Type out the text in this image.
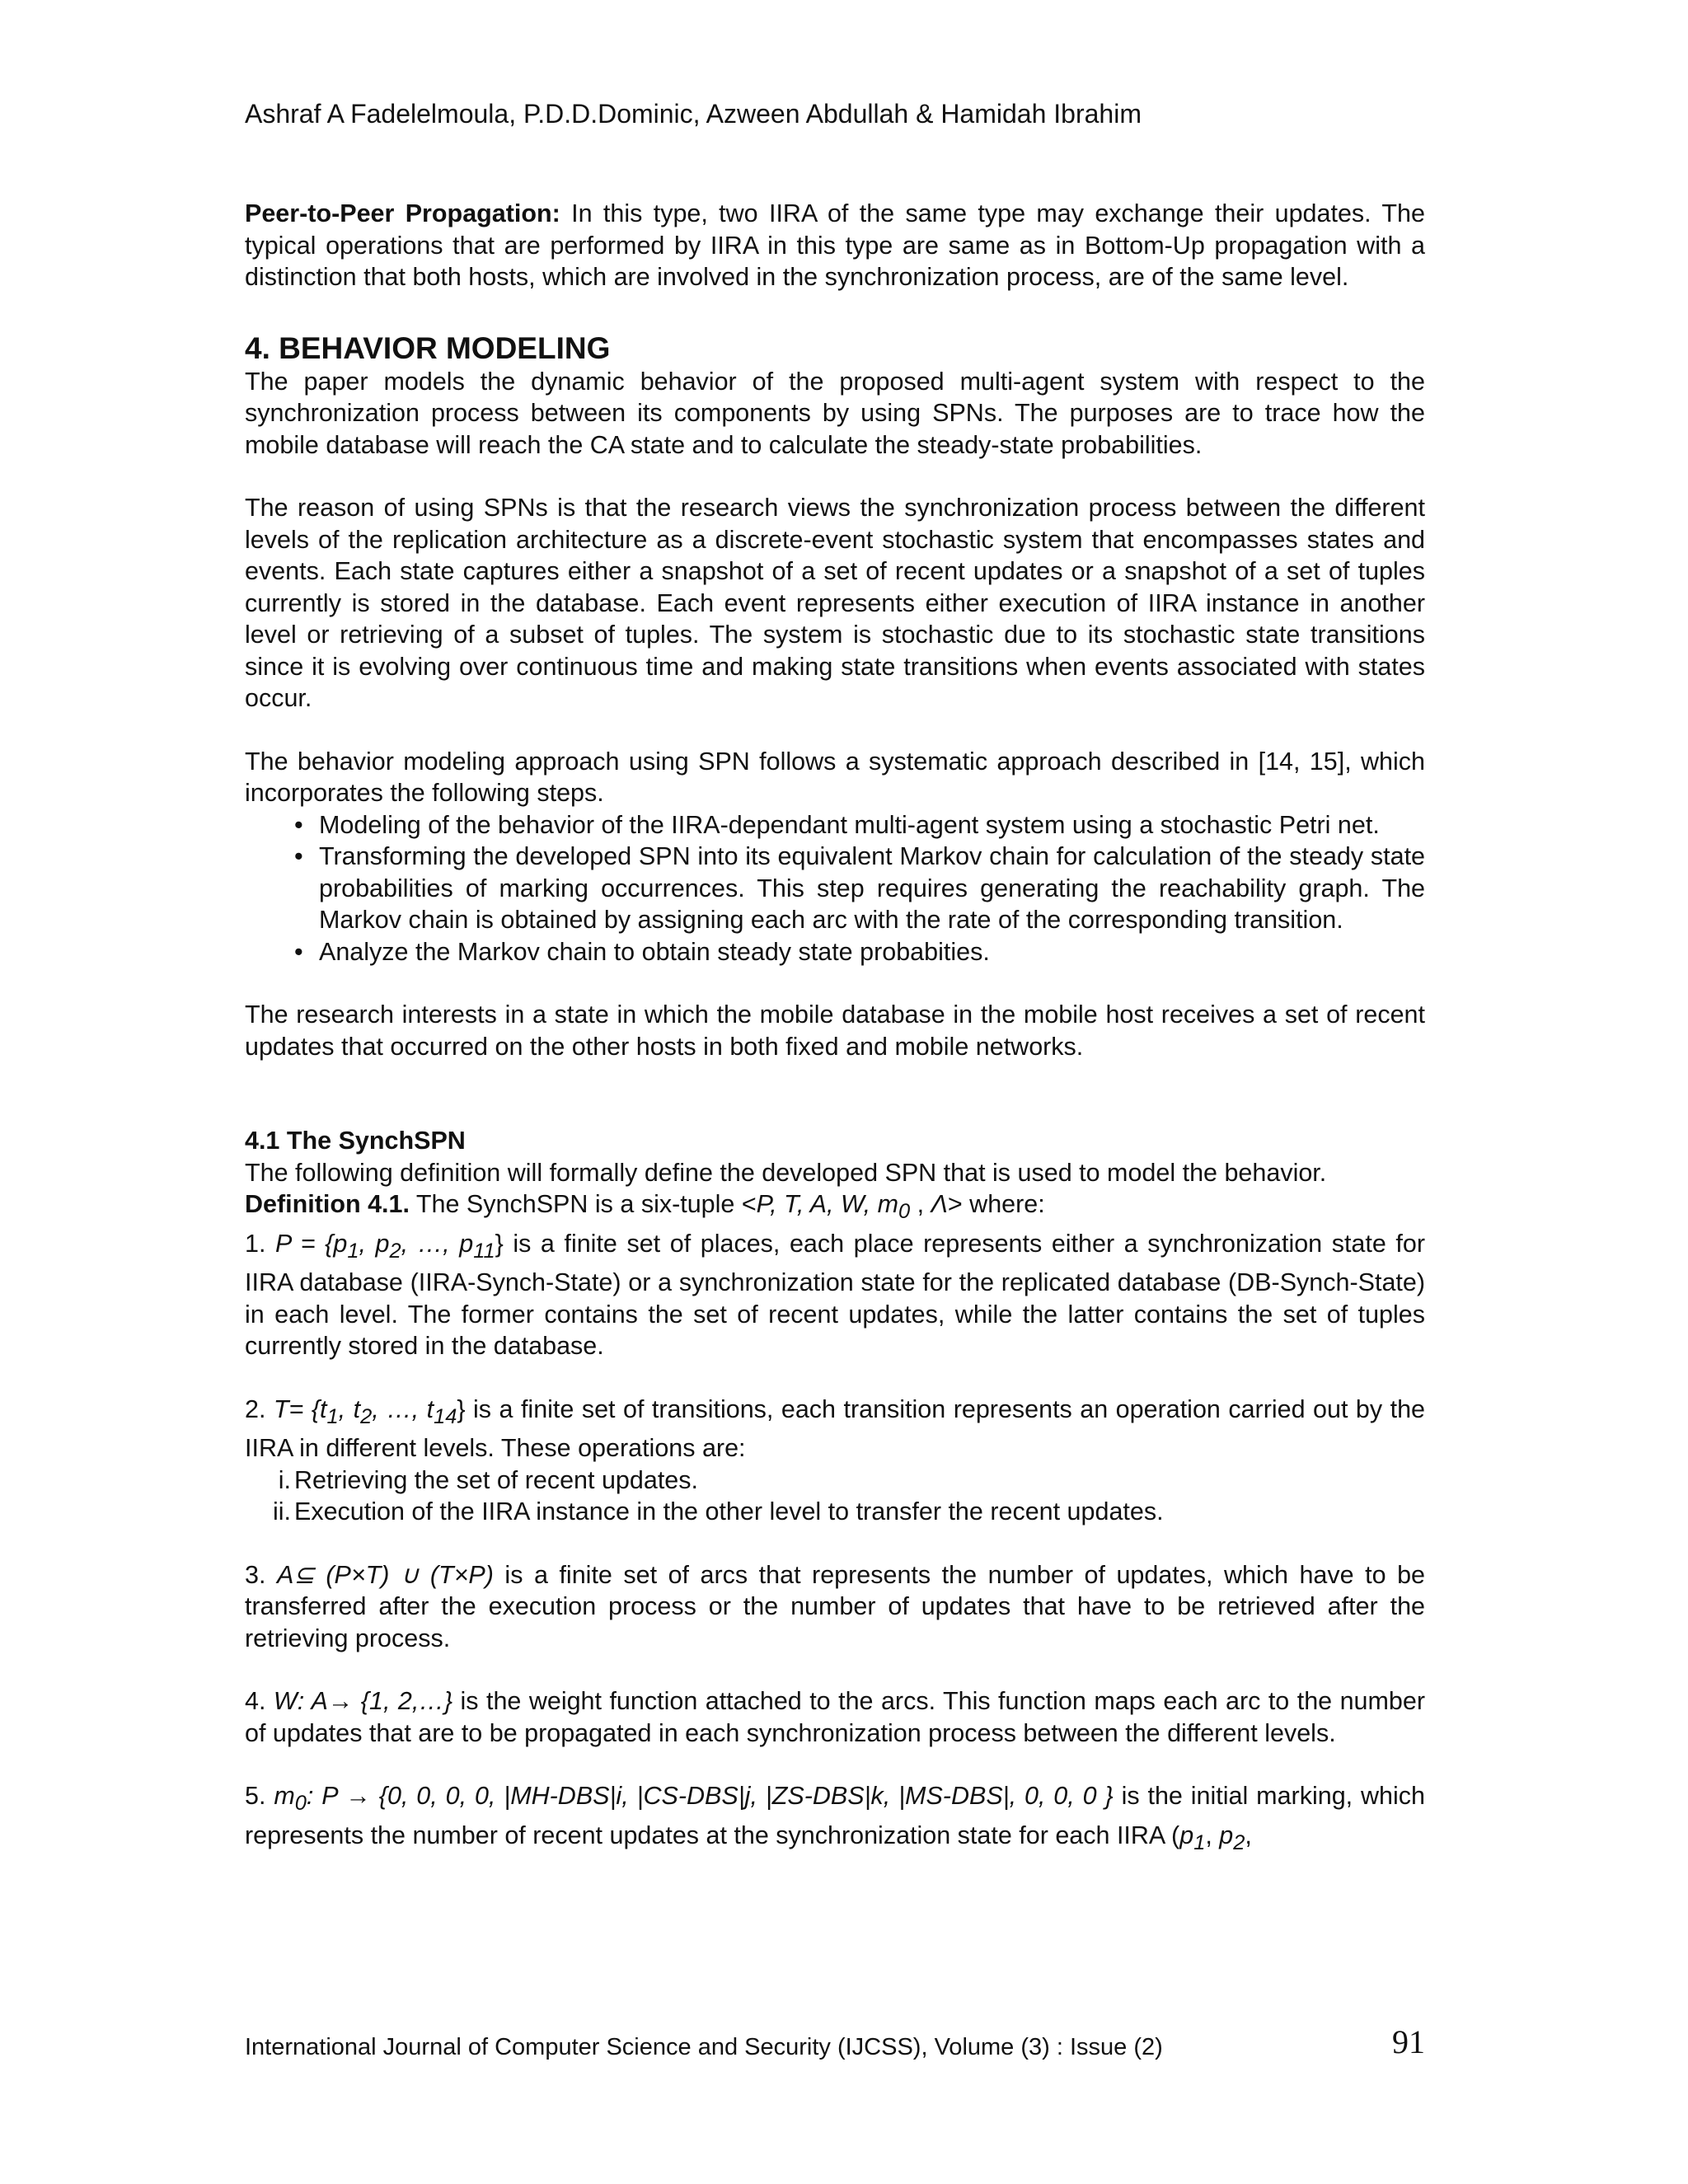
Ashraf A Fadelelmoula, P.D.D.Dominic, Azween Abdullah & Hamidah Ibrahim

Peer-to-Peer Propagation: In this type, two IIRA of the same type may exchange their updates. The typical operations that are performed by IIRA in this type are same as in Bottom-Up propagation with a distinction that both hosts, which are involved in the synchronization process, are of the same level.

4. BEHAVIOR MODELING

The paper models the dynamic behavior of the proposed multi-agent system with respect to the synchronization process between its components by using SPNs. The purposes are to trace how the mobile database will reach the CA state and to calculate the steady-state probabilities.

The reason of using SPNs is that the research views the synchronization process between the different levels of the replication architecture as a discrete-event stochastic system that encompasses states and events. Each state captures either a snapshot of a set of recent updates or a snapshot of a set of tuples currently is stored in the database. Each event represents either execution of IIRA instance in another level or retrieving of a subset of tuples. The system is stochastic due to its stochastic state transitions since it is evolving over continuous time and making state transitions when events associated with states occur.

The behavior modeling approach using SPN follows a systematic approach described in [14, 15], which incorporates the following steps.

• Modeling of the behavior of the IIRA-dependant multi-agent system using a stochastic Petri net.
• Transforming the developed SPN into its equivalent Markov chain for calculation of the steady state probabilities of marking occurrences. This step requires generating the reachability graph. The Markov chain is obtained by assigning each arc with the rate of the corresponding transition.
• Analyze the Markov chain to obtain steady state probabities.

The research interests in a state in which the mobile database in the mobile host receives a set of recent updates that occurred on the other hosts in both fixed and mobile networks.

4.1 The SynchSPN

The following definition will formally define the developed SPN that is used to model the behavior.

Definition 4.1. The SynchSPN is a six-tuple <P, T, A, W, $m_0$ , Λ> where:

1. $P = \{p_1$, $p_2$, …, $p_{11}$} is a finite set of places, each place represents either a synchronization state for IIRA database (IIRA-Synch-State) or a synchronization state for the replicated database (DB-Synch-State) in each level. The former contains the set of recent updates, while the latter contains the set of tuples currently stored in the database.

2. $T= \{t_1$, $t_2$, …, $t_{14}$} is a finite set of transitions, each transition represents an operation carried out by the IIRA in different levels. These operations are:

i. Retrieving the set of recent updates.
ii. Execution of the IIRA instance in the other level to transfer the recent updates.

3. A⊆ (P×T) ∪ (T×P) is a finite set of arcs that represents the number of updates, which have to be transferred after the execution process or the number of updates that have to be retrieved after the retrieving process.

4. W: A→ {1, 2,…} is the weight function attached to the arcs. This function maps each arc to the number of updates that are to be propagated in each synchronization process between the different levels.

5. $m_0$: P → {0, 0, 0, 0, |MH-DBS|i, |CS-DBS|j, |ZS-DBS|k, |MS-DBS|, 0, 0, 0 } is the initial marking, which represents the number of recent updates at the synchronization state for each IIRA ($p_1$, $p_2$,

International Journal of Computer Science and Security (IJCSS), Volume (3) : Issue (2)	91
